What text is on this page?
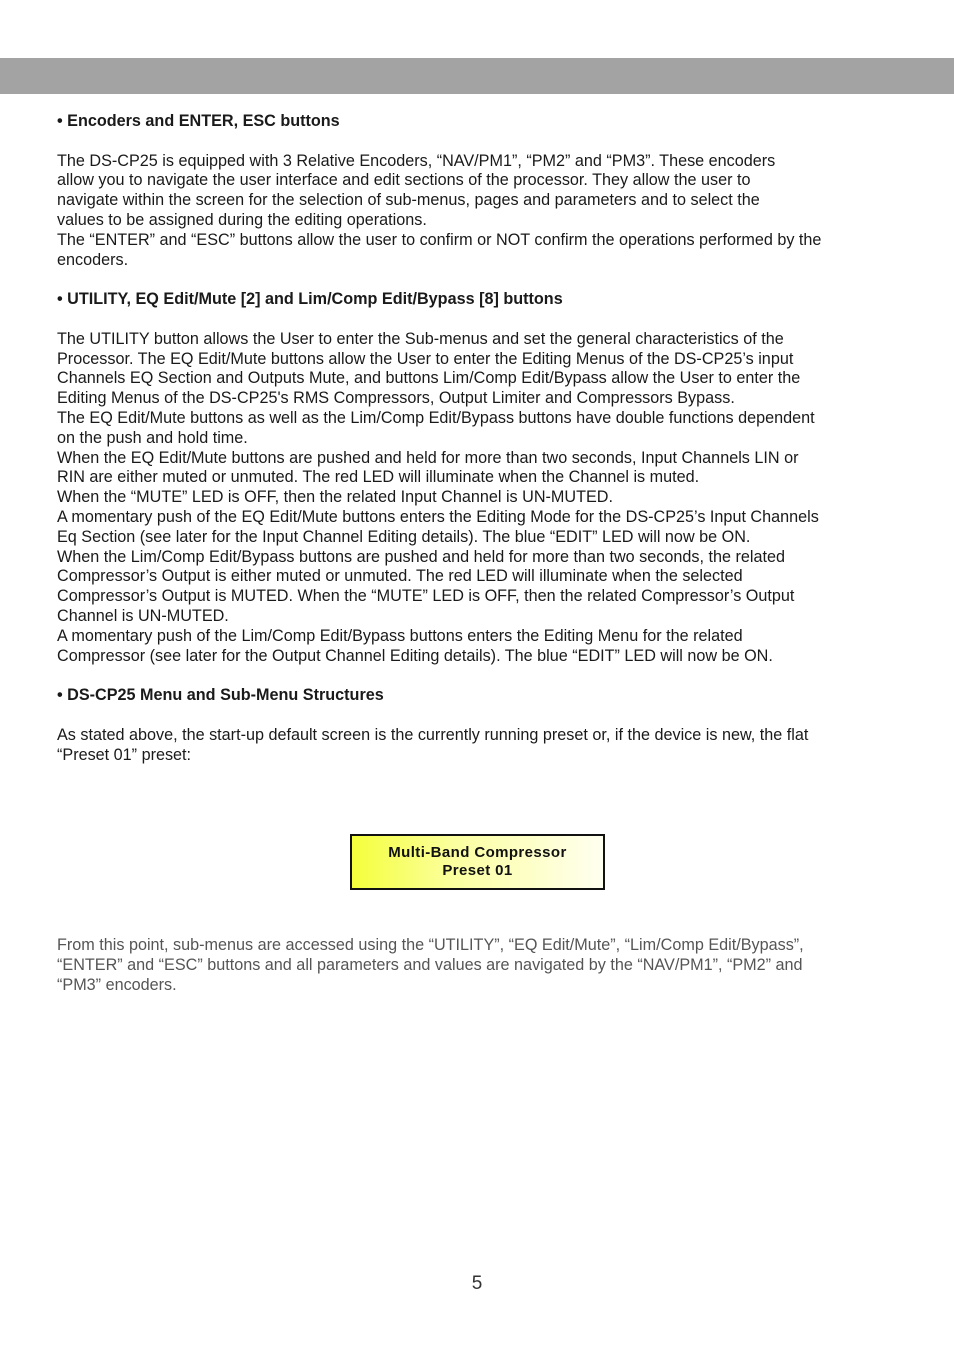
• Encoders and ENTER, ESC buttons

The DS-CP25 is equipped with 3 Relative Encoders, “NAV/PM1”, “PM2” and “PM3”. These encoders
allow you to navigate the user interface and edit sections of the processor. They allow the user to
navigate within the screen for the selection of sub-menus, pages and parameters and to select the
values to be assigned during the editing operations.
The “ENTER” and “ESC” buttons allow the user to confirm or NOT confirm the operations performed by the
encoders.

• UTILITY, EQ Edit/Mute [2] and Lim/Comp Edit/Bypass [8] buttons

The UTILITY button allows the User to enter the Sub-menus and set the general characteristics of the
Processor. The EQ Edit/Mute buttons allow the User to enter the Editing Menus of the DS-CP25’s input
Channels EQ Section and Outputs Mute, and buttons Lim/Comp Edit/Bypass allow the User to enter the
Editing Menus of the DS-CP25's RMS Compressors, Output Limiter and Compressors Bypass.
The EQ Edit/Mute buttons as well as the Lim/Comp Edit/Bypass buttons have double functions dependent
on the push and hold time.
When the EQ Edit/Mute buttons are pushed and held for more than two seconds, Input Channels LIN or
RIN are either muted or unmuted. The red LED will illuminate when the Channel is muted.
When the “MUTE” LED is OFF, then the related Input Channel is UN-MUTED.
A momentary push of the EQ Edit/Mute buttons enters the Editing Mode for the DS-CP25’s Input Channels
Eq Section (see later for the Input Channel Editing details). The blue “EDIT” LED will now be ON.
When the Lim/Comp Edit/Bypass buttons are pushed and held for more than two seconds, the related
Compressor’s Output is either muted or unmuted. The red LED will illuminate when the selected
Compressor’s Output is MUTED. When the “MUTE” LED is OFF, then the related Compressor’s Output
Channel is UN-MUTED.
A momentary push of the Lim/Comp Edit/Bypass buttons enters the Editing Menu for the related
Compressor (see later for the Output Channel Editing details). The blue “EDIT” LED will now be ON.

• DS-CP25 Menu and Sub-Menu Structures

As stated above, the start-up default screen is the currently running preset or, if the device is new, the flat
“Preset 01” preset:
Multi-Band Compressor
Preset 01
From this point, sub-menus are accessed using the “UTILITY”, “EQ Edit/Mute”, “Lim/Comp Edit/Bypass”,
“ENTER” and “ESC” buttons and all parameters and values are navigated by the “NAV/PM1”, “PM2” and
“PM3” encoders.
5
